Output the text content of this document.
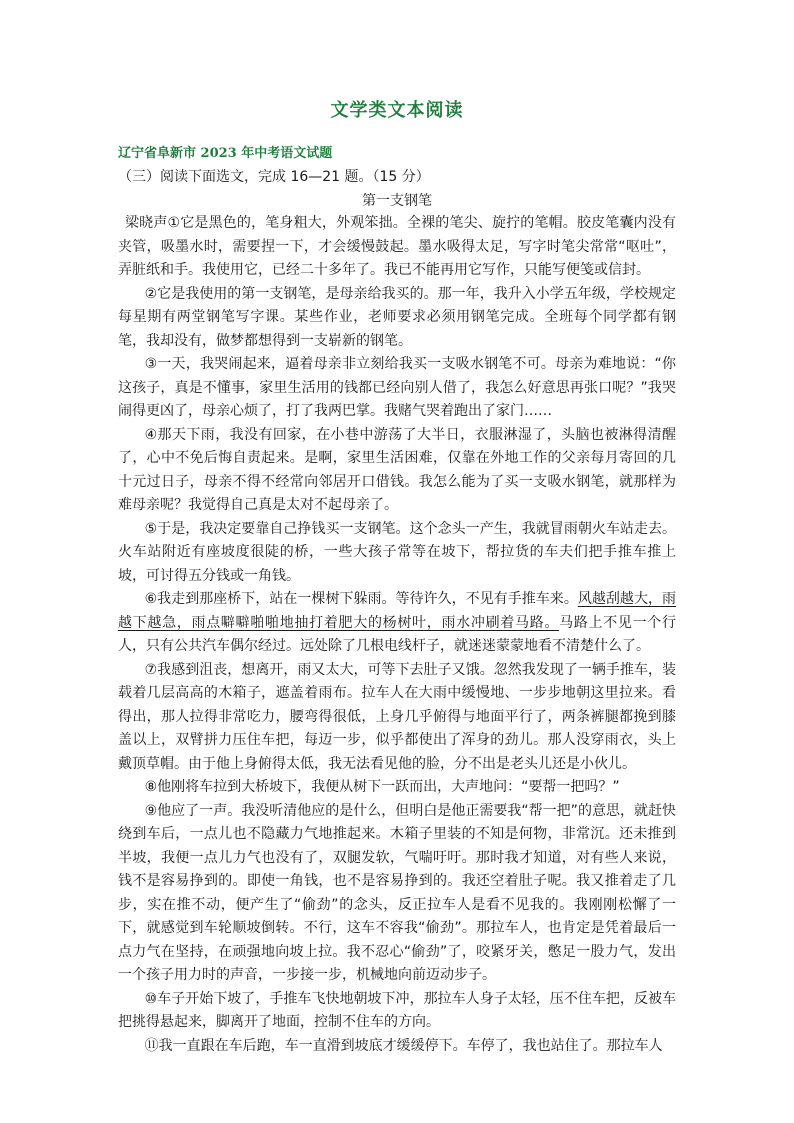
文学类文本阅读
辽宁省阜新市 2023 年中考语文试题
（三）阅读下面选文，完成 16—21 题。（15 分）
第一支钢笔

梁晓声①它是黑色的，笔身粗大，外观笨拙。全裸的笔尖、旋拧的笔帽。胶皮笔囊内没有夹管，吸墨水时，需要捏一下，才会缓慢鼓起。墨水吸得太足，写字时笔尖常常“呕吐”，弄脏纸和手。我使用它，已经二十多年了。我已不能再用它写作，只能写便笺或信封。

②它是我使用的第一支钢笔，是母亲给我买的。那一年，我升入小学五年级，学校规定每星期有两堂钢笔写字课。某些作业，老师要求必须用钢笔完成。全班每个同学都有钢笔，我却没有，做梦都想得到一支崭新的钢笔。

③一天，我哭闹起来，逼着母亲非立刻给我买一支吸水钢笔不可。母亲为难地说：“你这孩子，真是不懂事，家里生活用的钱都已经向别人借了，我怎么好意思再张口呢？”我哭闹得更凶了，母亲心烦了，打了我两巴掌。我赌气哭着跑出了家门……

④那天下雨，我没有回家，在小巷中游荡了大半日，衣服淋湿了，头脑也被淋得清醒了，心中不免后悔自责起来。是啊，家里生活困难，仅靠在外地工作的父亲每月寄回的几十元过日子，母亲不得不经常向邻居开口借钱。我怎么能为了买一支吸水钢笔，就那样为难母亲呢？我觉得自己真是太对不起母亲了。

⑤于是，我决定要靠自己挣钱买一支钢笔。这个念头一产生，我就冒雨朝火车站走去。火车站附近有座坡度很陡的桥，一些大孩子常等在坡下，帮拉货的车夫们把手推车推上坡，可讨得五分钱或一角钱。

⑥我走到那座桥下，站在一棵树下躲雨。等待许久，不见有手推车来。风越刮越大，雨越下越急，雨点噼噼啪啪地抽打着肥大的杨树叶，雨水冲刷着马路。马路上不见一个行人，只有公共汽车偶尔经过。远处除了几根电线杆子，就迷迷蒙蒙地看不清楚什么了。

⑦我感到沮丧，想离开，雨又太大，可等下去肚子又饿。忽然我发现了一辆手推车，装载着几层高高的木箱子，遮盖着雨布。拉车人在大雨中缓慢地、一步步地朝这里拉来。看得出，那人拉得非常吃力，腰弯得很低，上身几乎俯得与地面平行了，两条裤腿都挽到膝盖以上，双臂拼力压住车把，每迈一步，似乎都使出了浑身的劲儿。那人没穿雨衣，头上戴顶草帽。由于他上身俯得太低，我无法看见他的脸，分不出是老头儿还是小伙儿。

⑧他刚将车拉到大桥坡下，我便从树下一跃而出，大声地问：“要帮一把吗？”

⑨他应了一声。我没听清他应的是什么，但明白是他正需要我“帮一把”的意思，就赶快绕到车后，一点儿也不隐藏力气地推起来。木箱子里装的不知是何物，非常沉。还未推到半坡，我便一点儿力气也没有了，双腿发软，气喘吁吁。那时我才知道，对有些人来说，钱不是容易挣到的。即使一角钱，也不是容易挣到的。我还空着肚子呢。我又推着走了几步，实在推不动，便产生了“偷劲”的念头，反正拉车人是看不见我的。我刚刚松懈了一下，就感觉到车轮顺坡倒转。不行，这车不容我“偷劲”。那拉车人，也肯定是凭着最后一点力气在坚持，在顽强地向坡上拉。我不忍心“偷劲”了，咬紧牙关，憋足一股力气，发出一个孩子用力时的声音，一步接一步，机械地向前迈动步子。

⑩车子开始下坡了，手推车飞快地朝坡下冲，那拉车人身子太轻，压不住车把，反被车把挑得悬起来，脚离开了地面，控制不住车的方向。

⑪我一直跟在车后跑，车一直滑到坡底才缓缓停下。车停了，我也站住了。那拉车人
